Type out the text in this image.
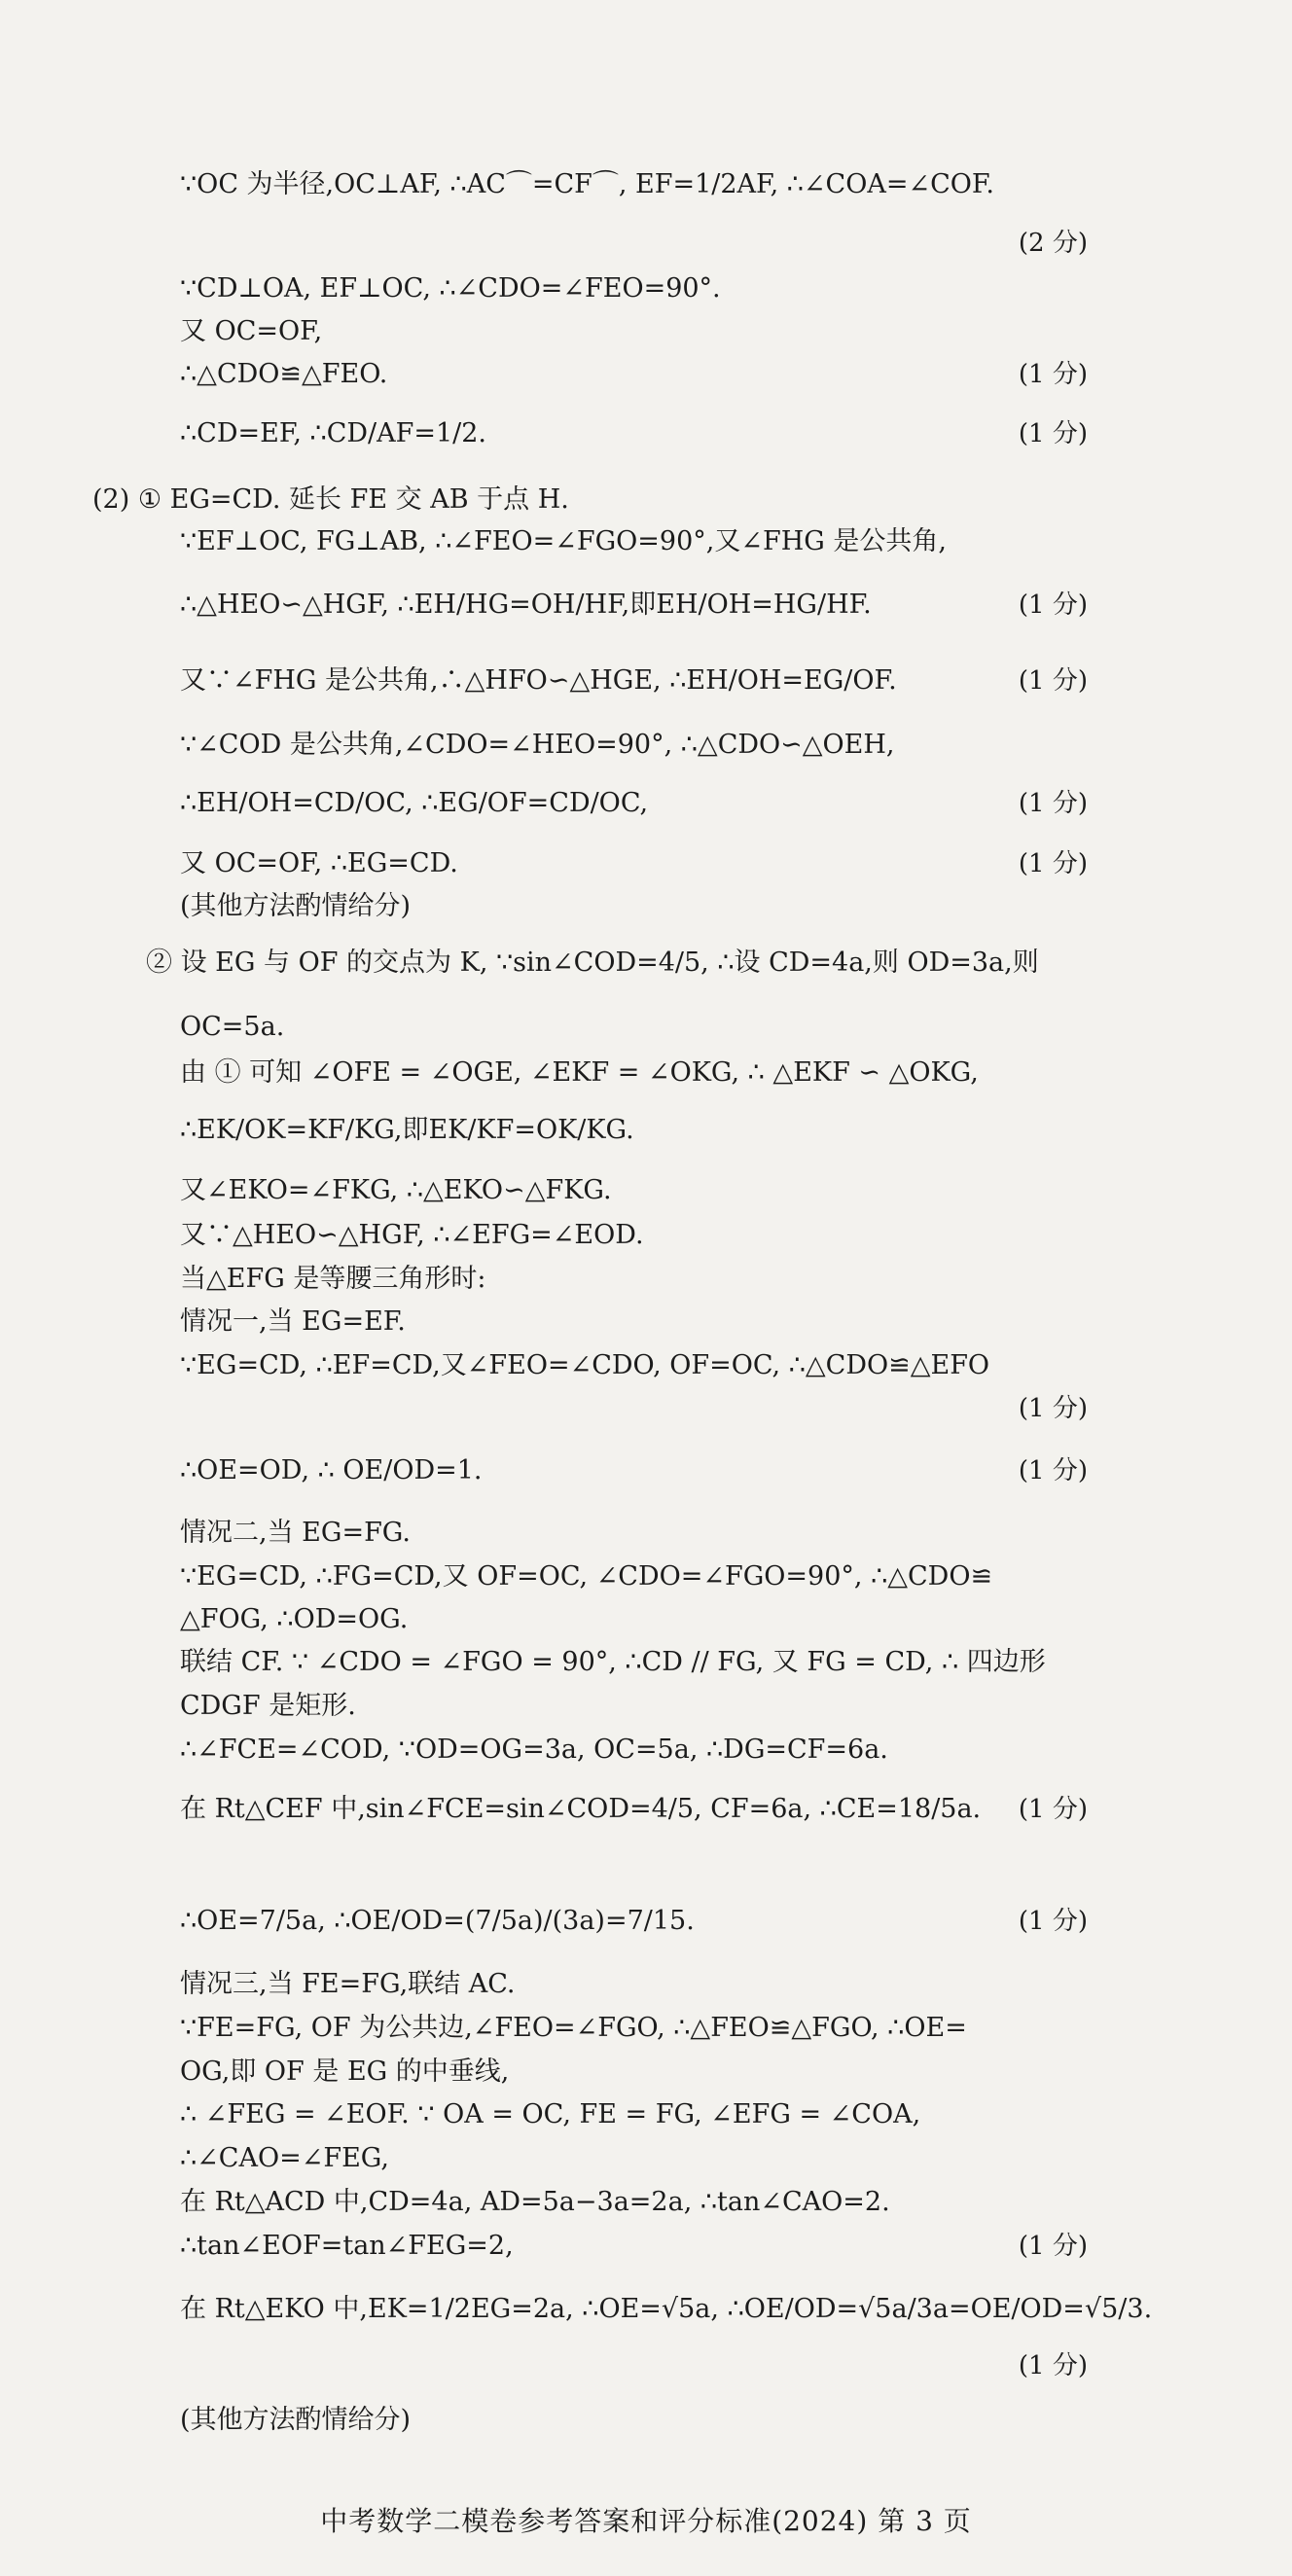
∵OC 为半径,OC⊥AF, ∴AC⌒=CF⌒, EF=1/2AF, ∴∠COA=∠COF.
(2 分)
∵CD⊥OA, EF⊥OC, ∴∠CDO=∠FEO=90°.
又 OC=OF,
∴△CDO≌△FEO.	(1 分)
∴CD=EF, ∴CD/AF=1/2.	(1 分)
(2) ① EG=CD. 延长 FE 交 AB 于点 H.
∵EF⊥OC, FG⊥AB, ∴∠FEO=∠FGO=90°,又∠FHG 是公共角,
∴△HEO∽△HGF, ∴EH/HG=OH/HF,即EH/OH=HG/HF.	(1 分)
又∵∠FHG 是公共角,∴△HFO∽△HGE, ∴EH/OH=EG/OF.	(1 分)
∵∠COD 是公共角,∠CDO=∠HEO=90°, ∴△CDO∽△OEH,
∴EH/OH=CD/OC, ∴EG/OF=CD/OC,	(1 分)
又 OC=OF, ∴EG=CD.	(1 分)
(其他方法酌情给分)
② 设 EG 与 OF 的交点为 K, ∵sin∠COD=4/5, ∴设 CD=4a,则 OD=3a,则
OC=5a.
由 ① 可知 ∠OFE = ∠OGE, ∠EKF = ∠OKG, ∴ △EKF ∽ △OKG,
∴EK/OK=KF/KG,即EK/KF=OK/KG.
又∠EKO=∠FKG, ∴△EKO∽△FKG.
又∵△HEO∽△HGF, ∴∠EFG=∠EOD.
当△EFG 是等腰三角形时:
情况一,当 EG=EF.
∵EG=CD, ∴EF=CD,又∠FEO=∠CDO, OF=OC, ∴△CDO≌△EFO
(1 分)
∴OE=OD, ∴ OE/OD=1.	(1 分)
情况二,当 EG=FG.
∵EG=CD, ∴FG=CD,又 OF=OC, ∠CDO=∠FGO=90°, ∴△CDO≌
△FOG, ∴OD=OG.
联结 CF. ∵ ∠CDO = ∠FGO = 90°, ∴CD // FG, 又 FG = CD, ∴ 四边形
CDGF 是矩形.
∴∠FCE=∠COD, ∵OD=OG=3a, OC=5a, ∴DG=CF=6a.
在 Rt△CEF 中,sin∠FCE=sin∠COD=4/5, CF=6a, ∴CE=18/5a. (1 分)
∴OE=7/5a, ∴OE/OD=(7/5a)/(3a)=7/15.	(1 分)
情况三,当 FE=FG,联结 AC.
∵FE=FG, OF 为公共边,∠FEO=∠FGO, ∴△FEO≌△FGO, ∴OE=
OG,即 OF 是 EG 的中垂线,
∴ ∠FEG = ∠EOF. ∵ OA = OC, FE = FG, ∠EFG = ∠COA,
∴∠CAO=∠FEG,
在 Rt△ACD 中,CD=4a, AD=5a−3a=2a, ∴tan∠CAO=2.
∴tan∠EOF=tan∠FEG=2,	(1 分)
在 Rt△EKO 中,EK=1/2EG=2a, ∴OE=√5a, ∴OE/OD=√5a/3a=OE/OD=√5/3.
(1 分)
(其他方法酌情给分)
中考数学二模卷参考答案和评分标准(2024) 第 3 页
